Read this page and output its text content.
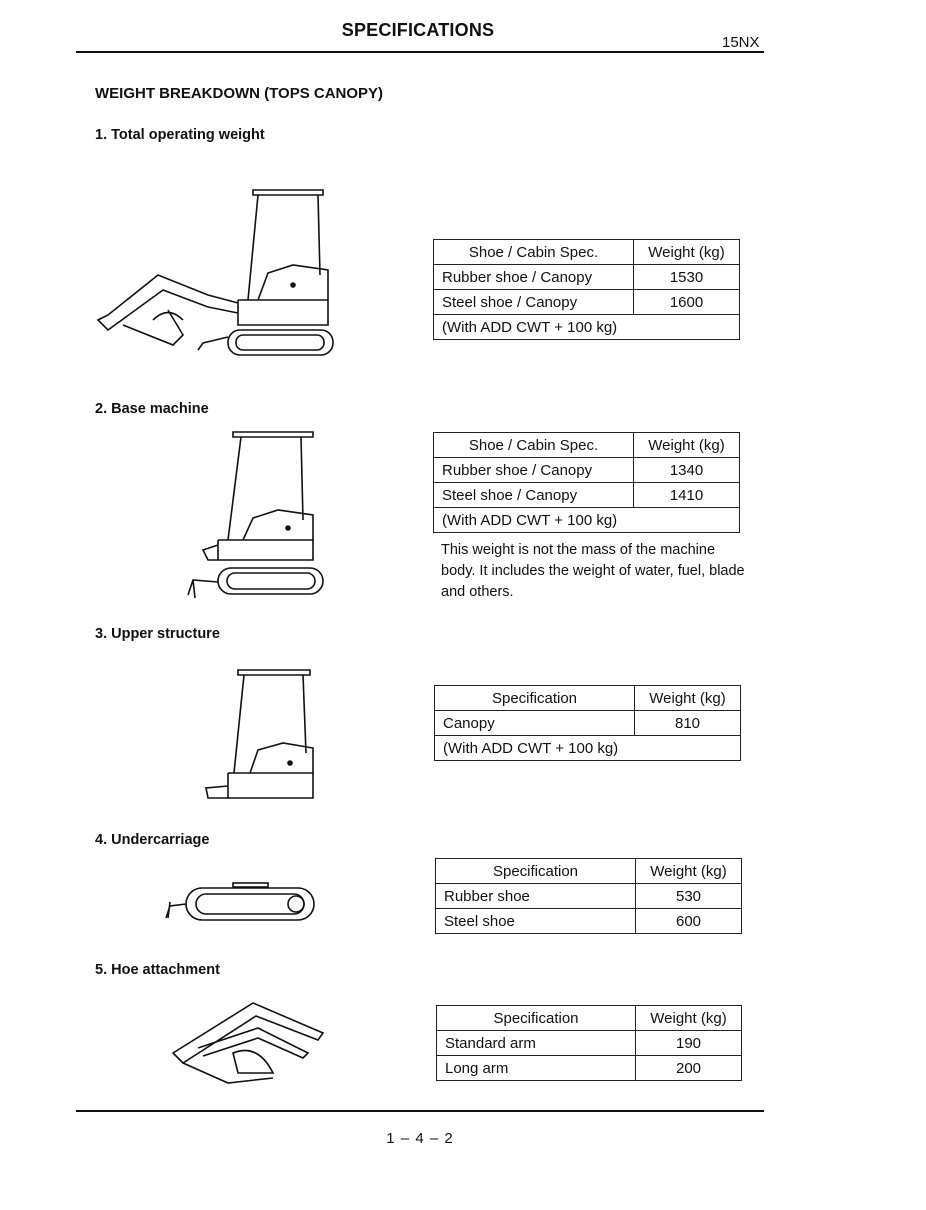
SPECIFICATIONS
15NX
WEIGHT BREAKDOWN (TOPS CANOPY)
1. Total operating weight
Shoe / Cabin Spec.	Weight (kg)
Rubber shoe / Canopy	1530
Steel shoe / Canopy	1600
(With ADD CWT + 100 kg)	
2. Base machine
Shoe / Cabin Spec.	Weight (kg)
Rubber shoe / Canopy	1340
Steel shoe / Canopy	1410
(With ADD CWT + 100 kg)	
This weight is not the mass of the machine body. It includes the weight of water, fuel, blade and others.
3. Upper structure
Specification	Weight (kg)
Canopy	810
(With ADD CWT + 100 kg)	
4. Undercarriage
Specification	Weight (kg)
Rubber shoe	530
Steel shoe	600
5. Hoe attachment
Specification	Weight (kg)
Standard arm	190
Long arm	200
1 – 4 – 2
